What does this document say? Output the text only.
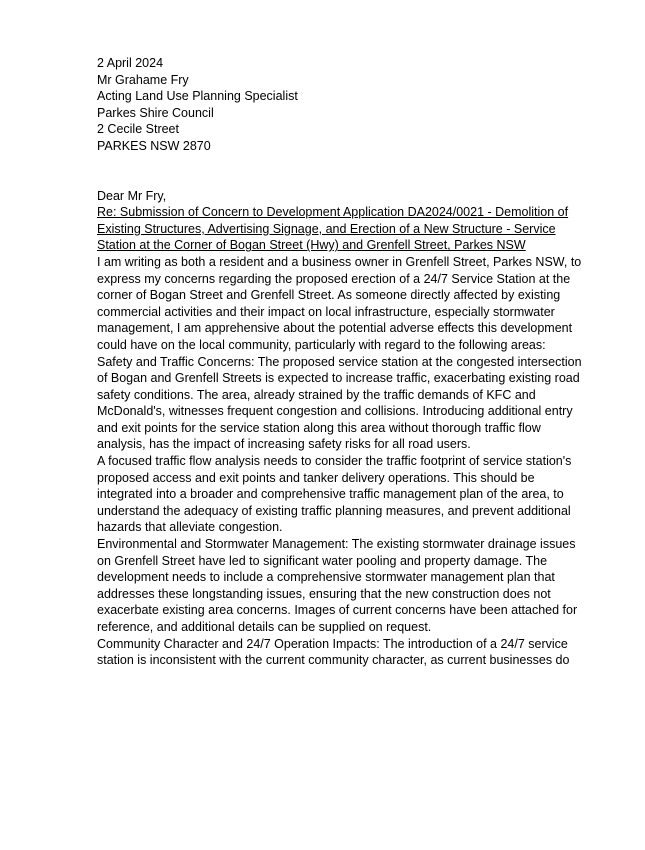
2 April 2024

Mr Grahame Fry
Acting Land Use Planning Specialist
Parkes Shire Council
2 Cecile Street
PARKES NSW 2870

Dear Mr Fry,

Re: Submission of Concern to Development Application DA2024/0021 - Demolition of Existing Structures, Advertising Signage, and Erection of a New Structure - Service Station at the Corner of Bogan Street (Hwy) and Grenfell Street, Parkes NSW

I am writing as both a resident and a business owner in Grenfell Street, Parkes NSW, to express my concerns regarding the proposed erection of a 24/7 Service Station at the corner of Bogan Street and Grenfell Street. As someone directly affected by existing commercial activities and their impact on local infrastructure, especially stormwater management, I am apprehensive about the potential adverse effects this development could have on the local community, particularly with regard to the following areas:

Safety and Traffic Concerns: The proposed service station at the congested intersection of Bogan and Grenfell Streets is expected to increase traffic, exacerbating existing road safety conditions. The area, already strained by the traffic demands of KFC and McDonald's, witnesses frequent congestion and collisions. Introducing additional entry and exit points for the service station along this area without thorough traffic flow analysis, has the impact of increasing safety risks for all road users.

A focused traffic flow analysis needs to consider the traffic footprint of service station's proposed access and exit points and tanker delivery operations. This should be integrated into a broader and comprehensive traffic management plan of the area, to understand the adequacy of existing traffic planning measures, and prevent additional hazards that alleviate congestion.

Environmental and Stormwater Management: The existing stormwater drainage issues on Grenfell Street have led to significant water pooling and property damage. The development needs to include a comprehensive stormwater management plan that addresses these longstanding issues, ensuring that the new construction does not exacerbate existing area concerns. Images of current concerns have been attached for reference, and additional details can be supplied on request.

Community Character and 24/7 Operation Impacts: The introduction of a 24/7 service station is inconsistent with the current community character, as current businesses do
